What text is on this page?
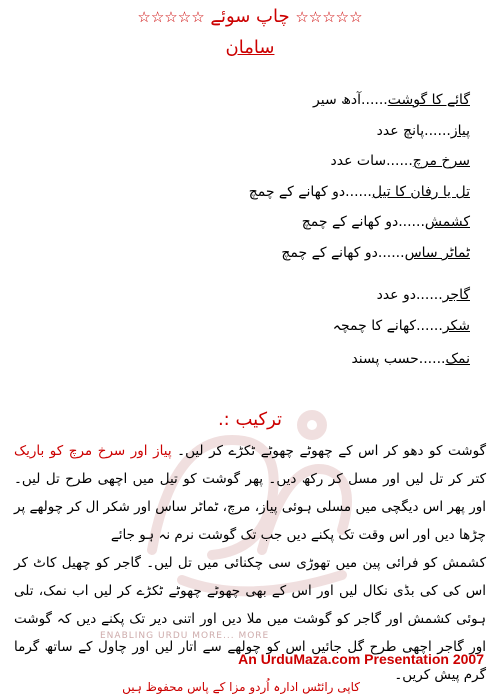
☆☆☆☆☆ چاپ سوئے ☆☆☆☆☆
سامان
گائے کا گوشت......آدھ سیر
پیاز......پانچ عدد
سرخ مرچ......سات عدد
تل یا رفان کا تیل......دو کھانے کے چمچ
کشمش......دو کھانے کے چمچ
ٹماٹر ساس......دو کھانے کے چمچ
گاجر......دو عدد
شکر......کھانے کا چمچہ
نمک......حسب پسند
ENABLING URDU MORE... MORE
ترکیب :.
گوشت کو دھو کر اس کے چھوٹے چھوٹے ٹکڑے کر لیں۔ پیاز اور سرخ مرچ کو باریک کتر کر تل لیں اور مسل کر رکھ دیں۔ پھر گوشت کو تیل میں اچھی طرح تل لیں۔ اور پھر اس دیگچی میں مسلی ہوئی پیاز، مرچ، ٹماٹر ساس اور شکر ال کر چولھے پر چڑھا دیں اور اس وقت تک پکنے دیں جب تک گوشت نرم نہ ہو جائے
کشمش کو فرائی پین میں تھوڑی سی چکنائی میں تل لیں۔ گاجر کو چھیل کاٹ کر اس کی کی بڈی نکال لیں اور اس کے بھی چھوٹے چھوٹے ٹکڑے کر لیں اب نمک، تلی ہوئی کشمش اور گاجر کو گوشت میں ملا دیں اور اتنی دیر تک پکنے دیں کہ گوشت اور گاجر اچھی طرح گل جائیں اس کو چولھے سے اتار لیں اور چاول کے ساتھ گرما گرم پیش کریں۔
An UrduMaza.com Presentation 2007
کاپی رائٹس ادارہ اُردو مزا کے پاس محفوظ ہیں
